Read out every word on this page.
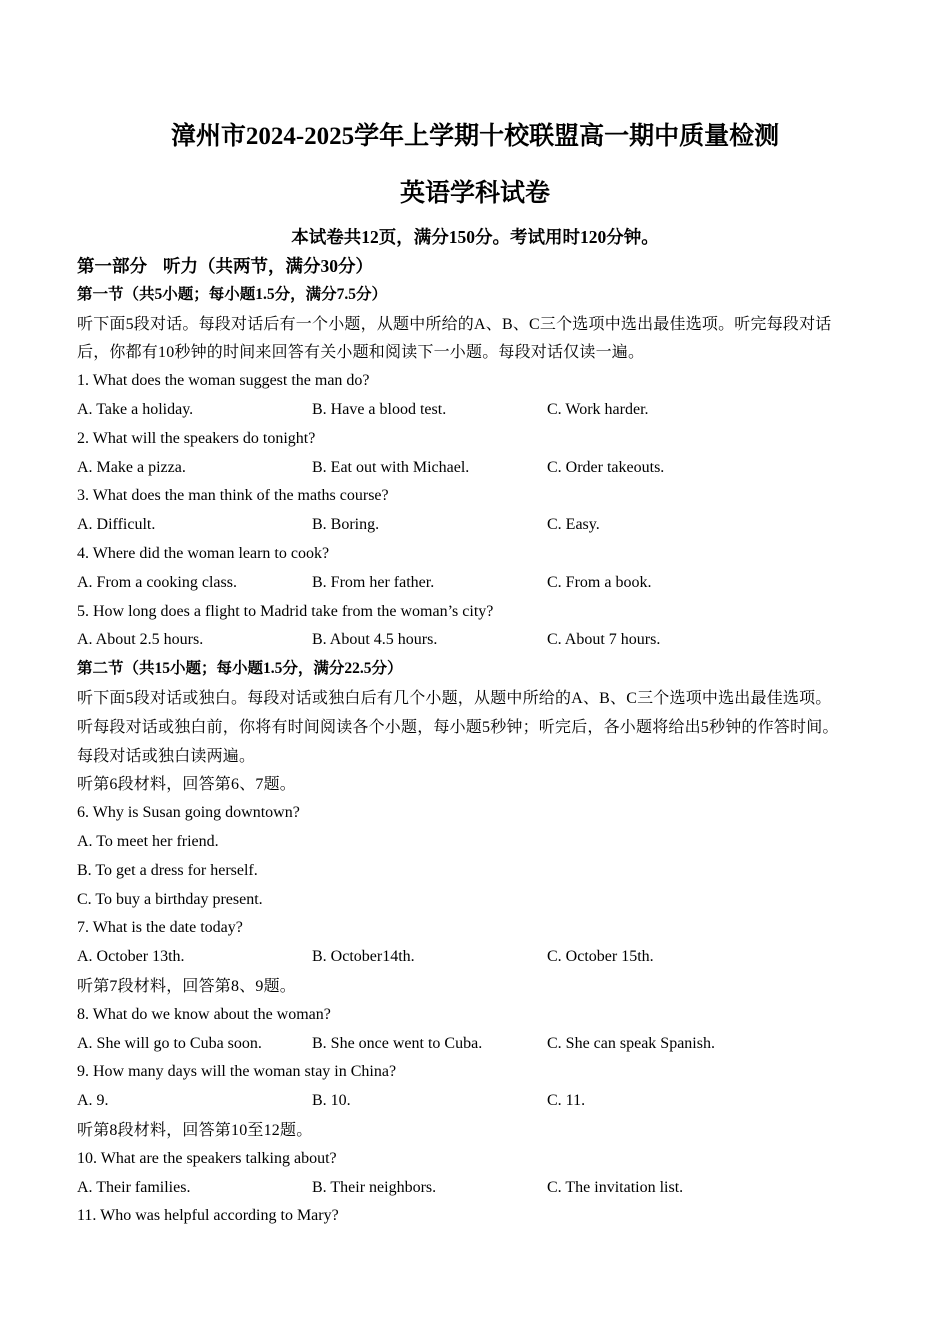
漳州市2024-2025学年上学期十校联盟高一期中质量检测
英语学科试卷
本试卷共12页，满分150分。考试用时120分钟。
第一部分 听力（共两节，满分30分）
第一节（共5小题；每小题1.5分，满分7.5分）
听下面5段对话。每段对话后有一个小题，从题中所给的A、B、C三个选项中选出最佳选项。听完每段对话
后，你都有10秒钟的时间来回答有关小题和阅读下一小题。每段对话仅读一遍。
1. What does the woman suggest the man do?
A. Take a holiday.	B. Have a blood test.	C. Work harder.
2. What will the speakers do tonight?
A. Make a pizza.	B. Eat out with Michael.	C. Order takeouts.
3. What does the man think of the maths course?
A. Difficult.	B. Boring.	C. Easy.
4. Where did the woman learn to cook?
A. From a cooking class.	B. From her father.	C. From a book.
5. How long does a flight to Madrid take from the woman’s city?
A. About 2.5 hours.	B. About 4.5 hours.	C. About 7 hours.
第二节（共15小题；每小题1.5分，满分22.5分）
听下面5段对话或独白。每段对话或独白后有几个小题，从题中所给的A、B、C三个选项中选出最佳选项。
听每段对话或独白前，你将有时间阅读各个小题，每小题5秒钟；听完后，各小题将给出5秒钟的作答时间。
每段对话或独白读两遍。
听第6段材料，回答第6、7题。
6. Why is Susan going downtown?
A. To meet her friend.
B. To get a dress for herself.
C. To buy a birthday present.
7. What is the date today?
A. October 13th.	B. October14th.	C. October 15th.
听第7段材料，回答第8、9题。
8. What do we know about the woman?
A. She will go to Cuba soon.	B. She once went to Cuba.	C. She can speak Spanish.
9. How many days will the woman stay in China?
A. 9.	B. 10.	C. 11.
听第8段材料，回答第10至12题。
10. What are the speakers talking about?
A. Their families.	B. Their neighbors.	C. The invitation list.
11. Who was helpful according to Mary?
